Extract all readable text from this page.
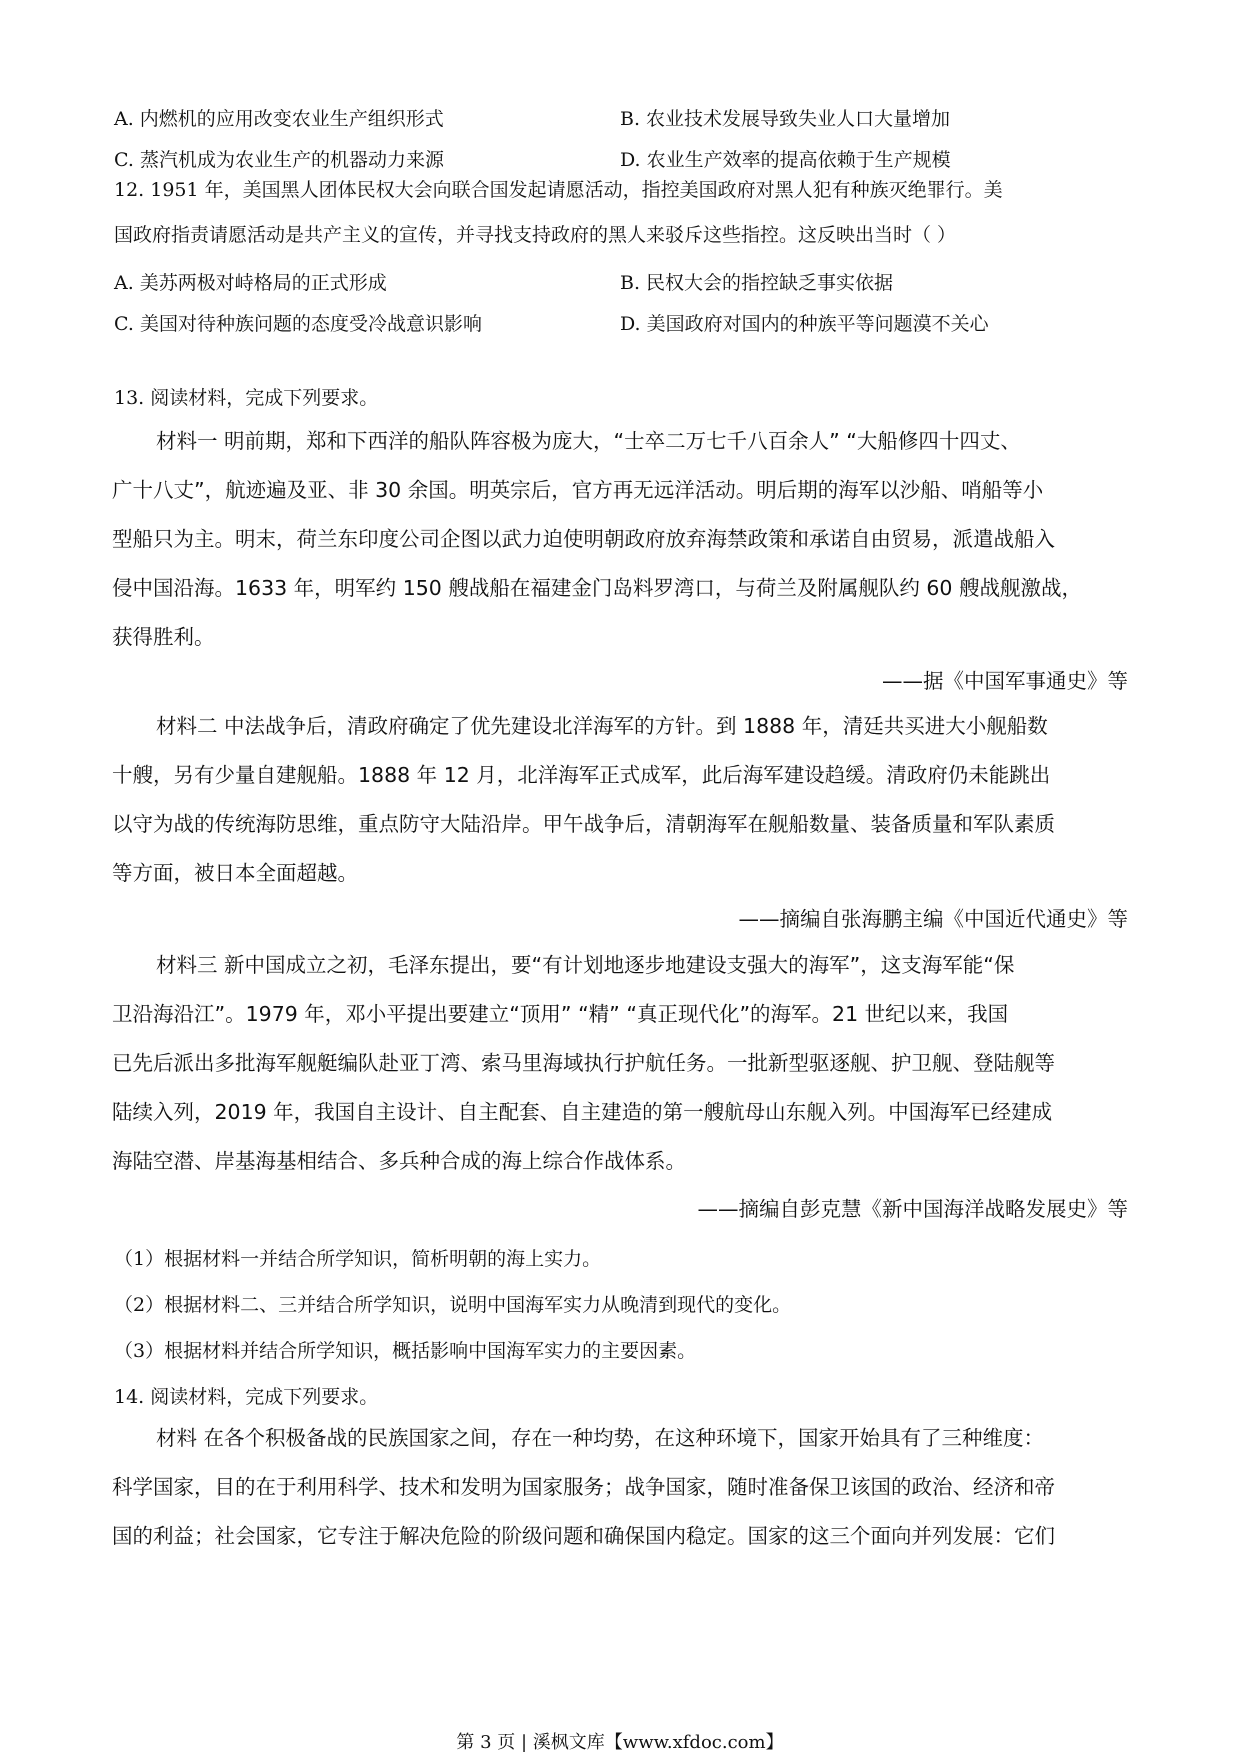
A. 内燃机的应用改变农业生产组织形式	B. 农业技术发展导致失业人口大量增加
C. 蒸汽机成为农业生产的机器动力来源	D. 农业生产效率的提高依赖于生产规模

12. 1951 年，美国黑人团体民权大会向联合国发起请愿活动，指控美国政府对黑人犯有种族灭绝罪行。美

国政府指责请愿活动是共产主义的宣传，并寻找支持政府的黑人来驳斥这些指控。这反映出当时（ ）

A. 美苏两极对峙格局的正式形成	B. 民权大会的指控缺乏事实依据
C. 美国对待种族问题的态度受冷战意识影响	D. 美国政府对国内的种族平等问题漠不关心
13. 阅读材料，完成下列要求。

材料一 明前期，郑和下西洋的船队阵容极为庞大，“士卒二万七千八百余人” “大船修四十四丈、

广十八丈”，航迹遍及亚、非 30 余国。明英宗后，官方再无远洋活动。明后期的海军以沙船、哨船等小

型船只为主。明末，荷兰东印度公司企图以武力迫使明朝政府放弃海禁政策和承诺自由贸易，派遣战船入

侵中国沿海。1633 年，明军约 150 艘战船在福建金门岛料罗湾口，与荷兰及附属舰队约 60 艘战舰激战，

获得胜利。

——据《中国军事通史》等

材料二 中法战争后，清政府确定了优先建设北洋海军的方针。到 1888 年，清廷共买进大小舰船数

十艘，另有少量自建舰船。1888 年 12 月，北洋海军正式成军，此后海军建设趋缓。清政府仍未能跳出

以守为战的传统海防思维，重点防守大陆沿岸。甲午战争后，清朝海军在舰船数量、装备质量和军队素质

等方面，被日本全面超越。

——摘编自张海鹏主编《中国近代通史》等

材料三 新中国成立之初，毛泽东提出，要“有计划地逐步地建设支强大的海军”，这支海军能“保

卫沿海沿江”。1979 年，邓小平提出要建立“顶用” “精” “真正现代化”的海军。21 世纪以来，我国

已先后派出多批海军舰艇编队赴亚丁湾、索马里海域执行护航任务。一批新型驱逐舰、护卫舰、登陆舰等

陆续入列，2019 年，我国自主设计、自主配套、自主建造的第一艘航母山东舰入列。中国海军已经建成

海陆空潜、岸基海基相结合、多兵种合成的海上综合作战体系。

——摘编自彭克慧《新中国海洋战略发展史》等
（1）根据材料一并结合所学知识，简析明朝的海上实力。
（2）根据材料二、三并结合所学知识，说明中国海军实力从晚清到现代的变化。
（3）根据材料并结合所学知识，概括影响中国海军实力的主要因素。
14. 阅读材料，完成下列要求。

材料 在各个积极备战的民族国家之间，存在一种均势，在这种环境下，国家开始具有了三种维度：

科学国家，目的在于利用科学、技术和发明为国家服务；战争国家，随时准备保卫该国的政治、经济和帝

国的利益；社会国家，它专注于解决危险的阶级问题和确保国内稳定。国家的这三个面向并列发展：它们

第 3 页 | 溪枫文库【www.xfdoc.com】
